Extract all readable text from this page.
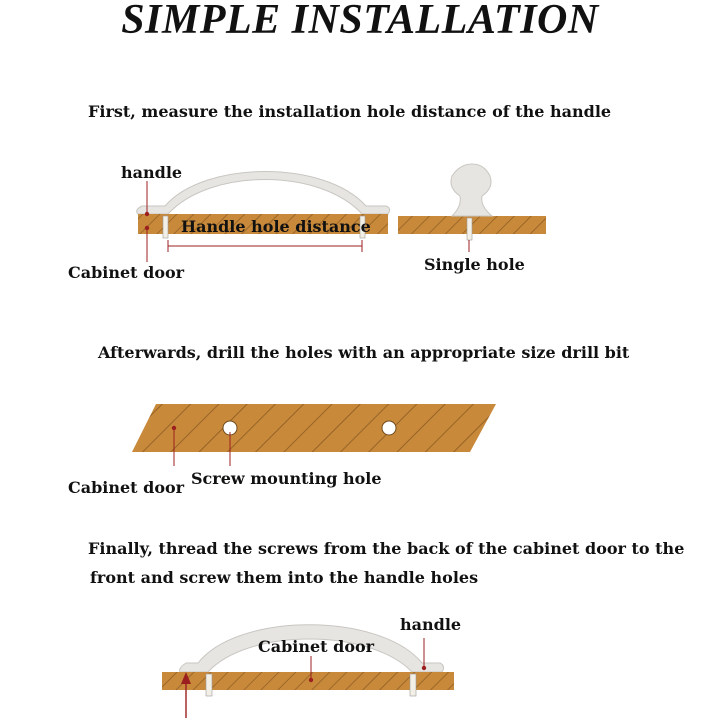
SIMPLE INSTALLATION
First, measure the installation hole distance of the handle
handle
Handle hole distance
Cabinet door	Single hole
Afterwards, drill the holes with an appropriate size drill bit
Cabinet door Screw mounting hole
Finally, thread the screws from the back of the cabinet door to the
front and screw them into the handle holes
handle
Cabinet door
